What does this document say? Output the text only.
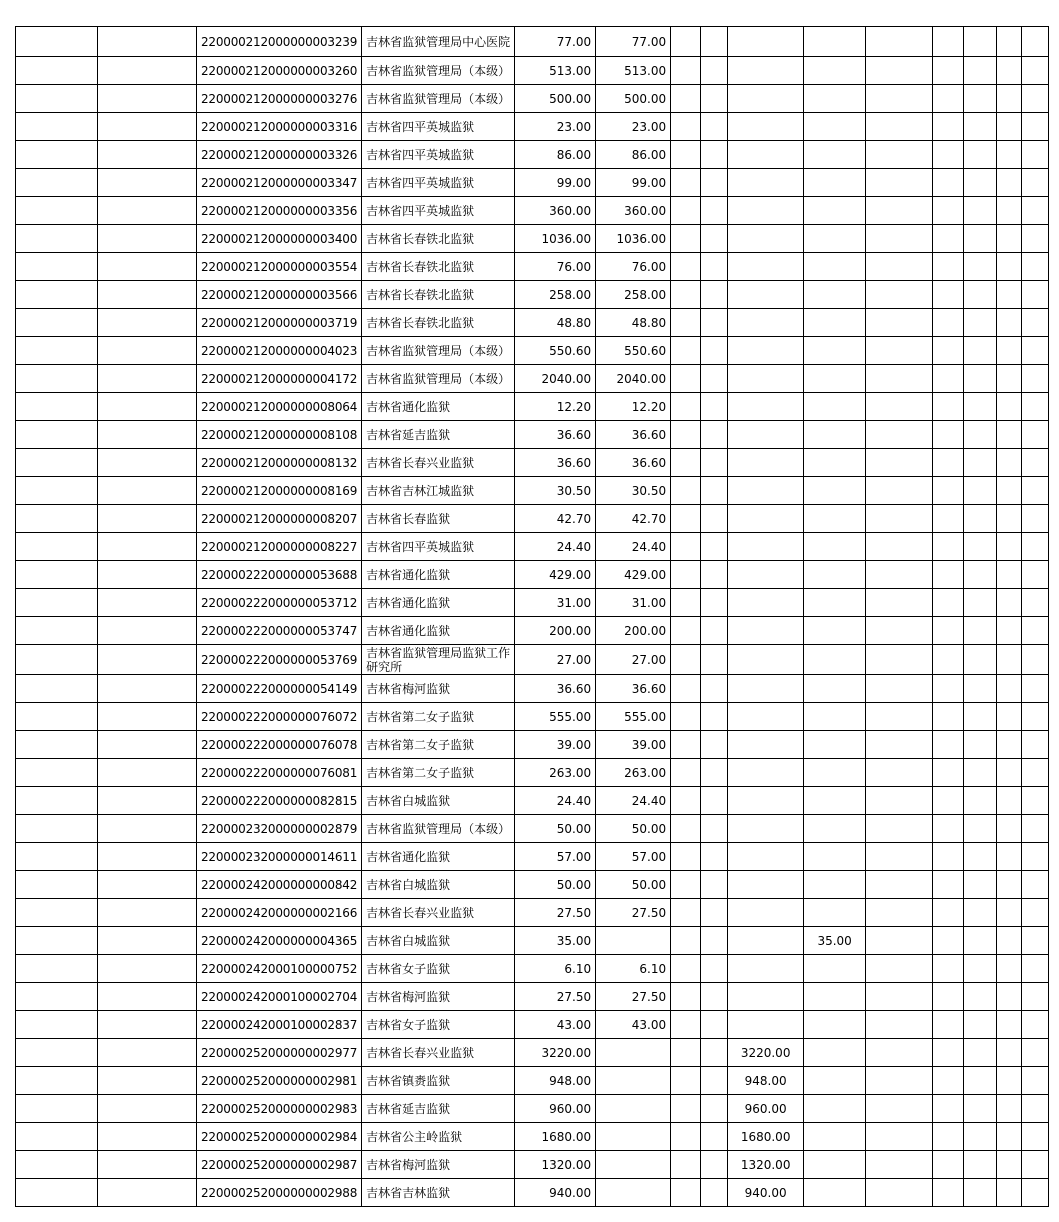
		220000212000000003239	吉林省监狱管理局中心医院	77.00	77.00									
		220000212000000003260	吉林省监狱管理局（本级）	513.00	513.00									
		220000212000000003276	吉林省监狱管理局（本级）	500.00	500.00									
		220000212000000003316	吉林省四平英城监狱	23.00	23.00									
		220000212000000003326	吉林省四平英城监狱	86.00	86.00									
		220000212000000003347	吉林省四平英城监狱	99.00	99.00									
		220000212000000003356	吉林省四平英城监狱	360.00	360.00									
		220000212000000003400	吉林省长春铁北监狱	1036.00	1036.00									
		220000212000000003554	吉林省长春铁北监狱	76.00	76.00									
		220000212000000003566	吉林省长春铁北监狱	258.00	258.00									
		220000212000000003719	吉林省长春铁北监狱	48.80	48.80									
		220000212000000004023	吉林省监狱管理局（本级）	550.60	550.60									
		220000212000000004172	吉林省监狱管理局（本级）	2040.00	2040.00									
		220000212000000008064	吉林省通化监狱	12.20	12.20									
		220000212000000008108	吉林省延吉监狱	36.60	36.60									
		220000212000000008132	吉林省长春兴业监狱	36.60	36.60									
		220000212000000008169	吉林省吉林江城监狱	30.50	30.50									
		220000212000000008207	吉林省长春监狱	42.70	42.70									
		220000212000000008227	吉林省四平英城监狱	24.40	24.40									
		220000222000000053688	吉林省通化监狱	429.00	429.00									
		220000222000000053712	吉林省通化监狱	31.00	31.00									
		220000222000000053747	吉林省通化监狱	200.00	200.00									
		220000222000000053769	吉林省监狱管理局监狱工作研究所	27.00	27.00									
		220000222000000054149	吉林省梅河监狱	36.60	36.60									
		220000222000000076072	吉林省第二女子监狱	555.00	555.00									
		220000222000000076078	吉林省第二女子监狱	39.00	39.00									
		220000222000000076081	吉林省第二女子监狱	263.00	263.00									
		220000222000000082815	吉林省白城监狱	24.40	24.40									
		220000232000000002879	吉林省监狱管理局（本级）	50.00	50.00									
		220000232000000014611	吉林省通化监狱	57.00	57.00									
		220000242000000000842	吉林省白城监狱	50.00	50.00									
		220000242000000002166	吉林省长春兴业监狱	27.50	27.50									
		220000242000000004365	吉林省白城监狱	35.00					35.00					
		220000242000100000752	吉林省女子监狱	6.10	6.10									
		220000242000100002704	吉林省梅河监狱	27.50	27.50									
		220000242000100002837	吉林省女子监狱	43.00	43.00									
		220000252000000002977	吉林省长春兴业监狱	3220.00				3220.00						
		220000252000000002981	吉林省镇赉监狱	948.00				948.00						
		220000252000000002983	吉林省延吉监狱	960.00				960.00						
		220000252000000002984	吉林省公主岭监狱	1680.00				1680.00						
		220000252000000002987	吉林省梅河监狱	1320.00				1320.00						
		220000252000000002988	吉林省吉林监狱	940.00				940.00						
